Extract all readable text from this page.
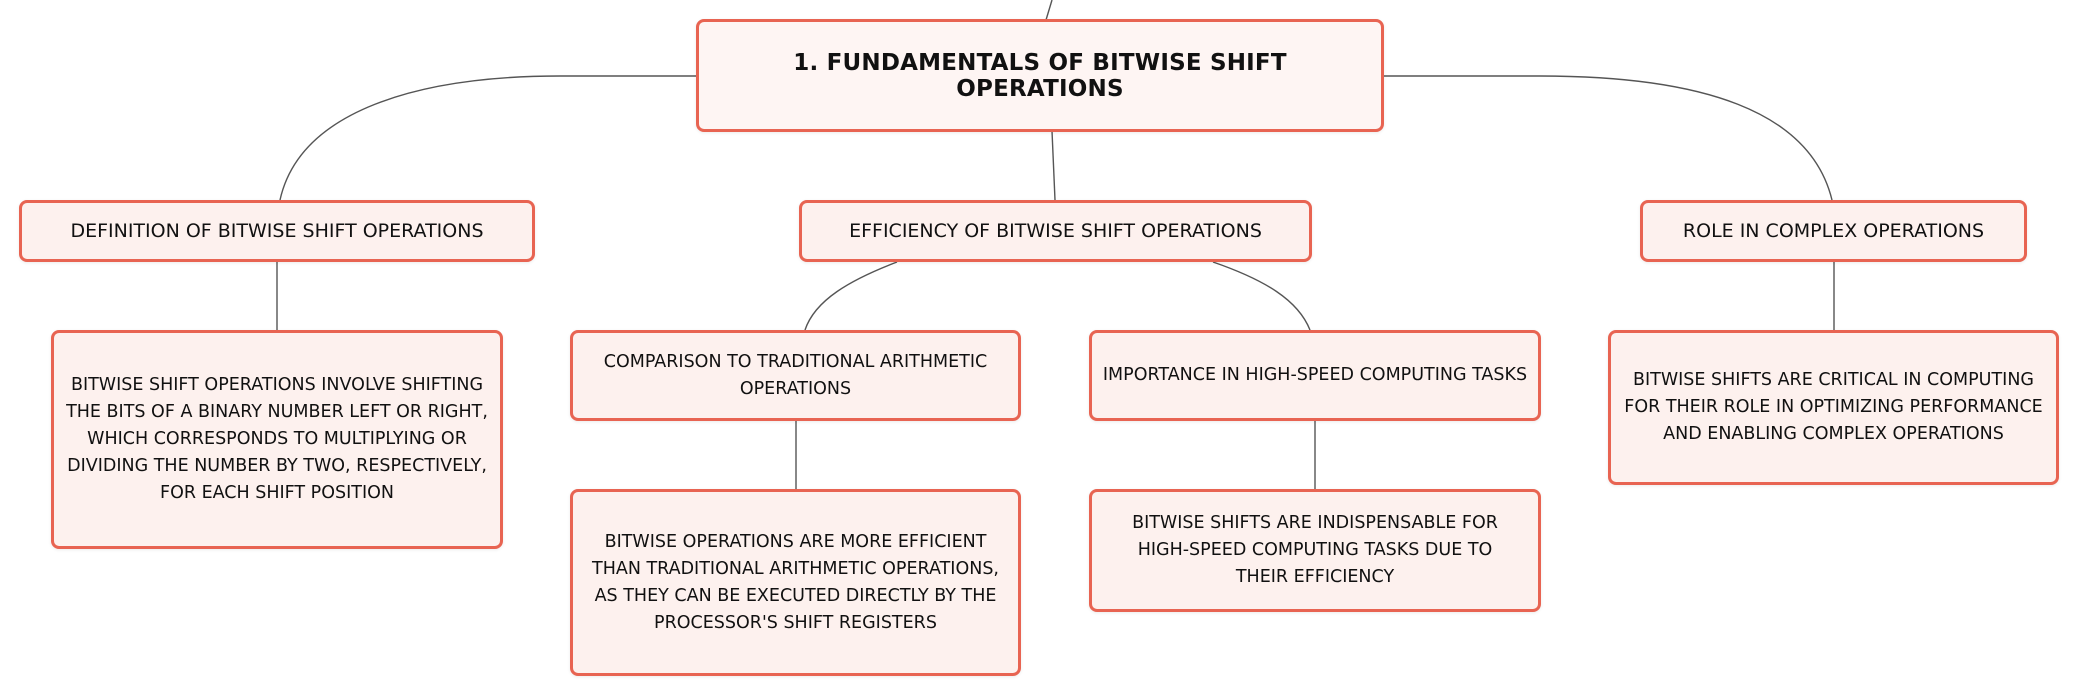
1. FUNDAMENTALS OF BITWISE SHIFT OPERATIONS
DEFINITION OF BITWISE SHIFT OPERATIONS	EFFICIENCY OF BITWISE SHIFT OPERATIONS	ROLE IN COMPLEX OPERATIONS
BITWISE SHIFT OPERATIONS INVOLVE SHIFTING THE BITS OF A BINARY NUMBER LEFT OR RIGHT, WHICH CORRESPONDS TO MULTIPLYING OR DIVIDING THE NUMBER BY TWO, RESPECTIVELY, FOR EACH SHIFT POSITION
COMPARISON TO TRADITIONAL ARITHMETIC OPERATIONS
IMPORTANCE IN HIGH-SPEED COMPUTING TASKS	BITWISE SHIFTS ARE CRITICAL IN COMPUTING FOR THEIR ROLE IN OPTIMIZING PERFORMANCE AND ENABLING COMPLEX OPERATIONS
BITWISE OPERATIONS ARE MORE EFFICIENT THAN TRADITIONAL ARITHMETIC OPERATIONS, AS THEY CAN BE EXECUTED DIRECTLY BY THE PROCESSOR'S SHIFT REGISTERS
BITWISE SHIFTS ARE INDISPENSABLE FOR HIGH-SPEED COMPUTING TASKS DUE TO THEIR EFFICIENCY
